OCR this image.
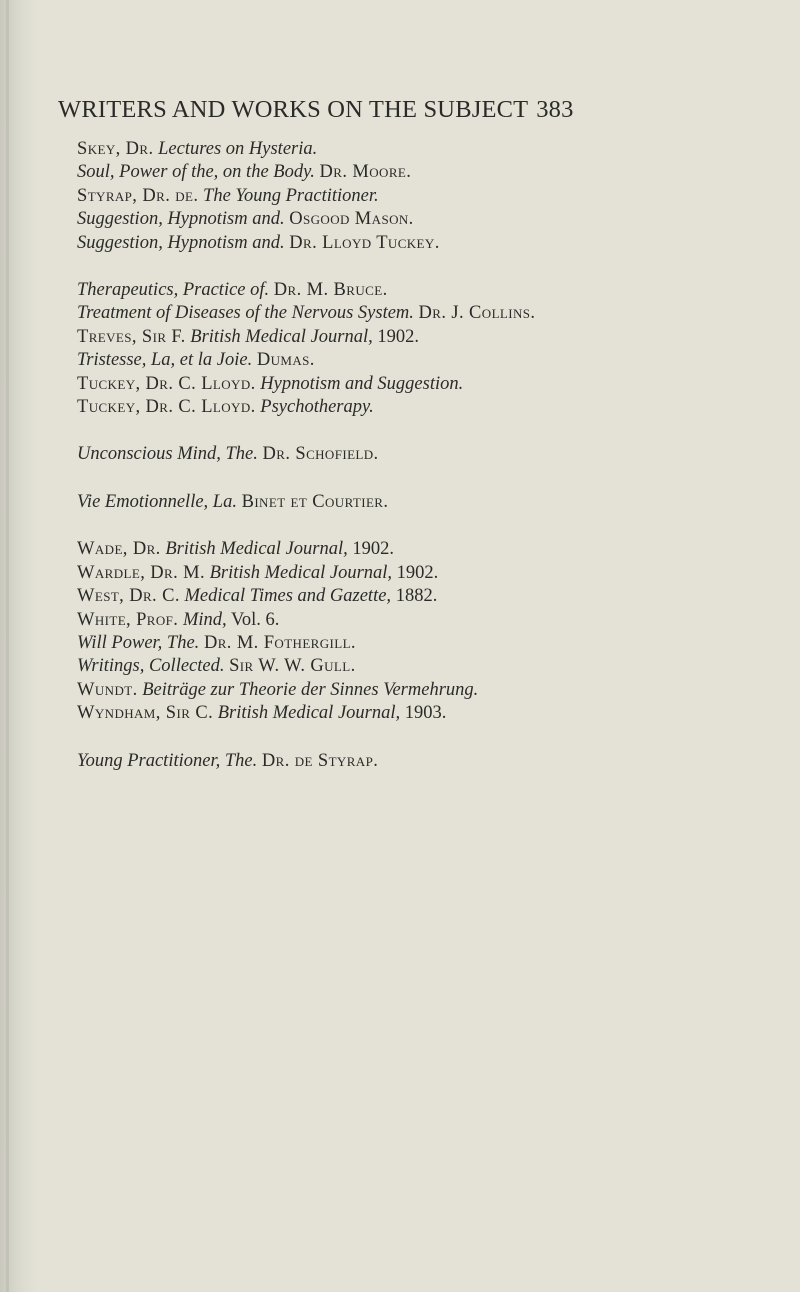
WRITERS AND WORKS ON THE SUBJECT 383
Skey, Dr. Lectures on Hysteria.
Soul, Power of the, on the Body. Dr. Moore.
Styrap, Dr. de. The Young Practitioner.
Suggestion, Hypnotism and. Osgood Mason.
Suggestion, Hypnotism and. Dr. Lloyd Tuckey.
Therapeutics, Practice of. Dr. M. Bruce.
Treatment of Diseases of the Nervous System. Dr. J. Collins.
Treves, Sir F. British Medical Journal, 1902.
Tristesse, La, et la Joie. Dumas.
Tuckey, Dr. C. Lloyd. Hypnotism and Suggestion.
Tuckey, Dr. C. Lloyd. Psychotherapy.
Unconscious Mind, The. Dr. Schofield.
Vie Emotionnelle, La. Binet et Courtier.
Wade, Dr. British Medical Journal, 1902.
Wardle, Dr. M. British Medical Journal, 1902.
West, Dr. C. Medical Times and Gazette, 1882.
White, Prof. Mind, Vol. 6.
Will Power, The. Dr. M. Fothergill.
Writings, Collected. Sir W. W. Gull.
Wundt. Beiträge zur Theorie der Sinnes Vermehrung.
Wyndham, Sir C. British Medical Journal, 1903.
Young Practitioner, The. Dr. de Styrap.
